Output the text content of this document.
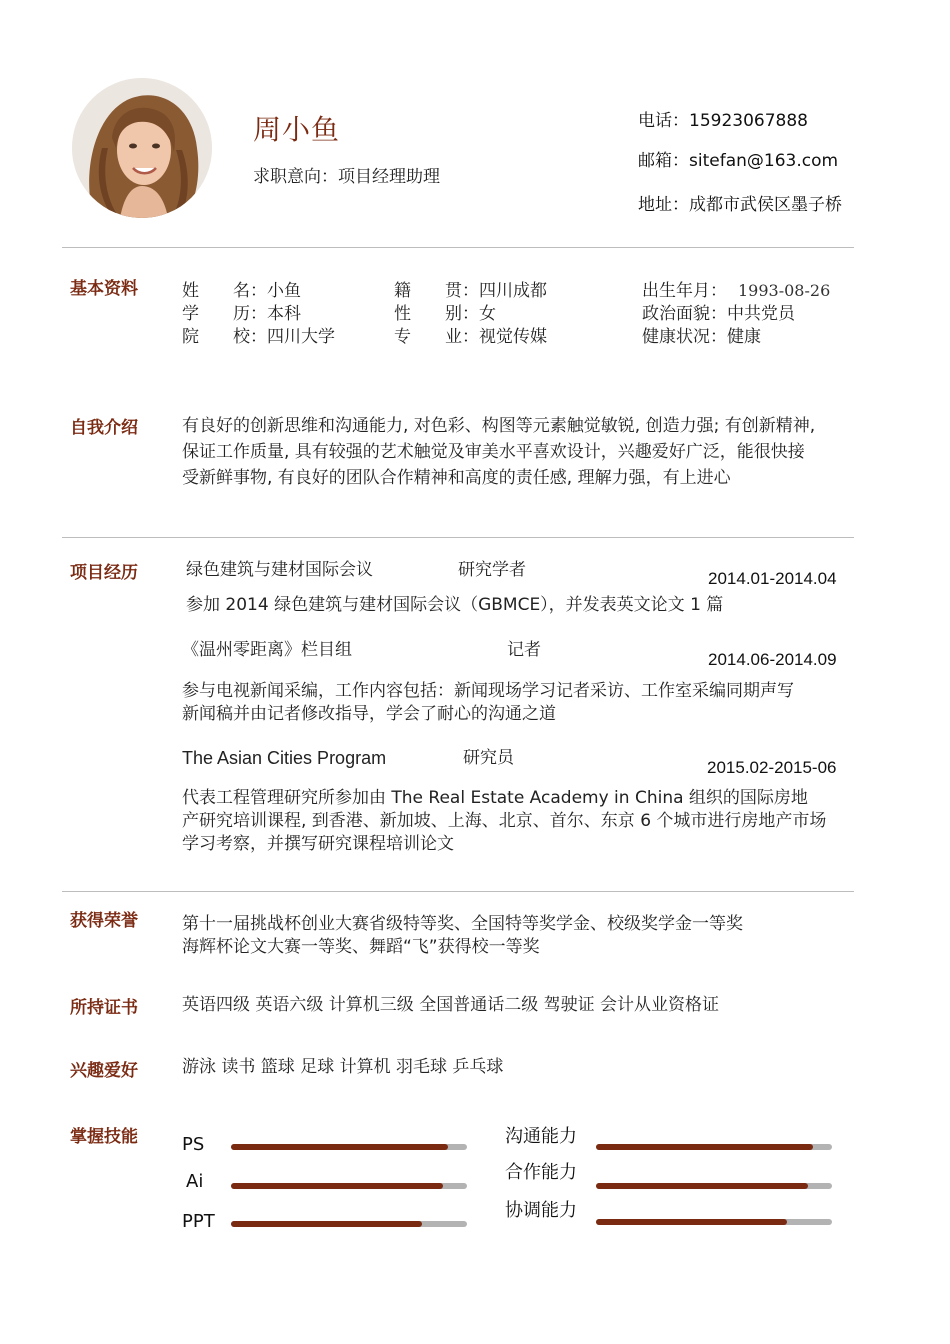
周小鱼
求职意向：项目经理助理
电话：15923067888
邮箱：sitefan@163.com
地址：成都市武侯区墨子桥
基本资料	姓　　名：小鱼	籍　　贯：四川成都	出生年月： 1993-08-26
学　　历：本科	性　　别：女	政治面貌：中共党员
院　　校：四川大学	专　　业：视觉传媒	健康状况：健康
自我介绍	有良好的创新思维和沟通能力, 对色彩、构图等元素触觉敏锐, 创造力强; 有创新精神,
保证工作质量, 具有较强的艺术触觉及审美水平喜欢设计，兴趣爱好广泛，能很快接
受新鲜事物, 有良好的团队合作精神和高度的责任感, 理解力强，有上进心
项目经历	绿色建筑与建材国际会议	研究学者	2014.01-2014.04
参加 2014 绿色建筑与建材国际会议（GBMCE），并发表英文论文 1 篇
《温州零距离》栏目组	记者	2014.06-2014.09
参与电视新闻采编，工作内容包括：新闻现场学习记者采访、工作室采编同期声写
新闻稿并由记者修改指导，学会了耐心的沟通之道
The Asian Cities Program	研究员	2015.02-2015-06
代表工程管理研究所参加由 The Real Estate Academy in China 组织的国际房地
产研究培训课程, 到香港、新加坡、上海、北京、首尔、东京 6 个城市进行房地产市场
学习考察，并撰写研究课程培训论文
获得荣誉	第十一届挑战杯创业大赛省级特等奖、全国特等奖学金、校级奖学金一等奖
海辉杯论文大赛一等奖、舞蹈“飞”获得校一等奖
所持证书	英语四级 英语六级 计算机三级 全国普通话二级 驾驶证 会计从业资格证
兴趣爱好	游泳 读书 篮球 足球 计算机 羽毛球 乒乓球
掌握技能 PS
Ai
PPT
沟通能力
合作能力
协调能力
